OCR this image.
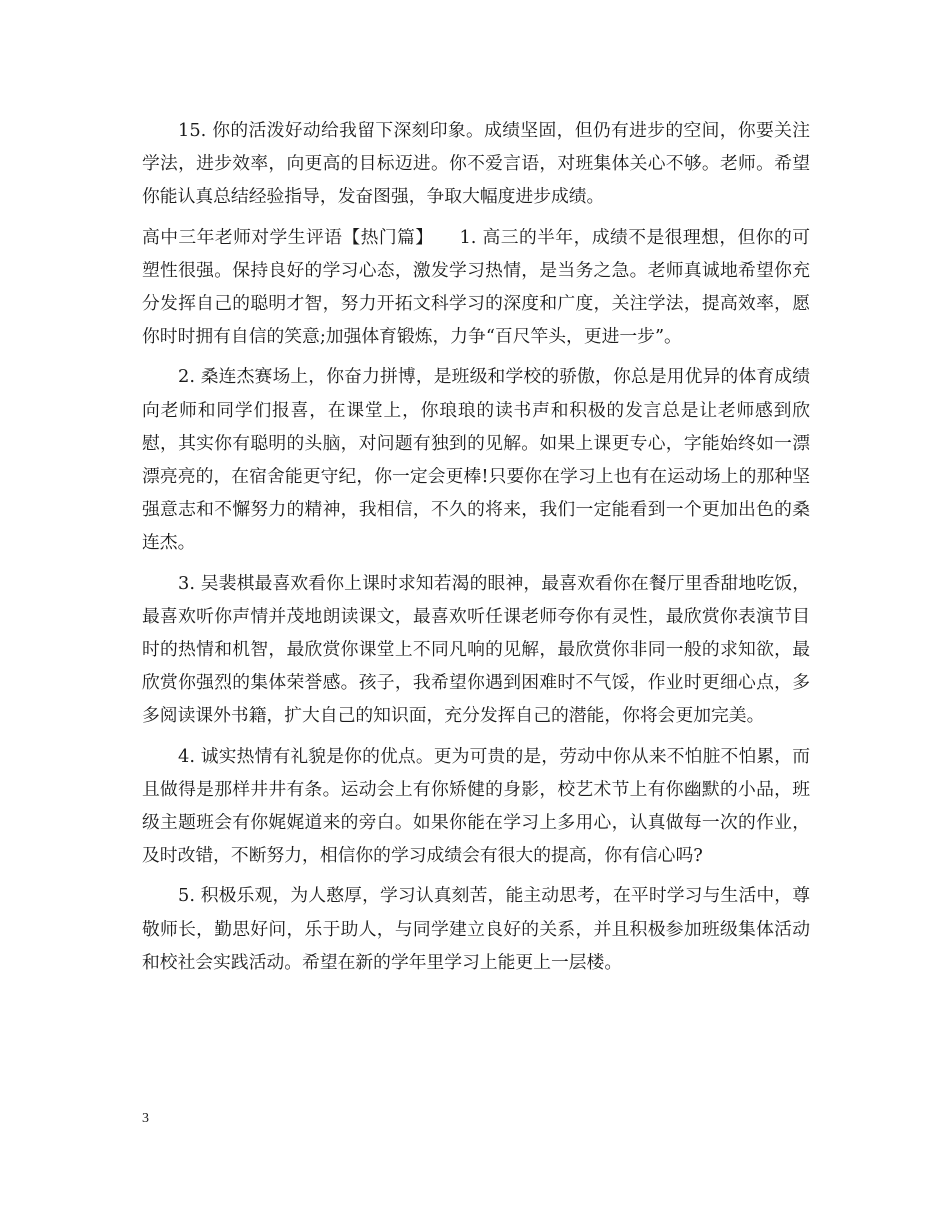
15. 你的活泼好动给我留下深刻印象。成绩坚固，但仍有进步的空间，你要关注学法，进步效率，向更高的目标迈进。你不爱言语，对班集体关心不够。老师。希望你能认真总结经验指导，发奋图强，争取大幅度进步成绩。

高中三年老师对学生评语【热门篇】 1. 高三的半年，成绩不是很理想，但你的可塑性很强。保持良好的学习心态，激发学习热情，是当务之急。老师真诚地希望你充分发挥自己的聪明才智，努力开拓文科学习的深度和广度，关注学法，提高效率，愿你时时拥有自信的笑意;加强体育锻炼，力争“百尺竿头，更进一步”。

2. 桑连杰赛场上，你奋力拼博，是班级和学校的骄傲，你总是用优异的体育成绩向老师和同学们报喜，在课堂上，你琅琅的读书声和积极的发言总是让老师感到欣慰，其实你有聪明的头脑，对问题有独到的见解。如果上课更专心，字能始终如一漂漂亮亮的，在宿舍能更守纪，你一定会更棒!只要你在学习上也有在运动场上的那种坚强意志和不懈努力的精神，我相信，不久的将来，我们一定能看到一个更加出色的桑连杰。

3. 吴裴棋最喜欢看你上课时求知若渴的眼神，最喜欢看你在餐厅里香甜地吃饭，最喜欢听你声情并茂地朗读课文，最喜欢听任课老师夸你有灵性，最欣赏你表演节目时的热情和机智，最欣赏你课堂上不同凡响的见解，最欣赏你非同一般的求知欲，最欣赏你强烈的集体荣誉感。孩子，我希望你遇到困难时不气馁，作业时更细心点，多多阅读课外书籍，扩大自己的知识面，充分发挥自己的潜能，你将会更加完美。

4. 诚实热情有礼貌是你的优点。更为可贵的是，劳动中你从来不怕脏不怕累，而且做得是那样井井有条。运动会上有你矫健的身影，校艺术节上有你幽默的小品，班级主题班会有你娓娓道来的旁白。如果你能在学习上多用心，认真做每一次的作业，及时改错，不断努力，相信你的学习成绩会有很大的提高，你有信心吗?

5. 积极乐观，为人憨厚，学习认真刻苦，能主动思考，在平时学习与生活中，尊敬师长，勤思好问，乐于助人，与同学建立良好的关系，并且积极参加班级集体活动和校社会实践活动。希望在新的学年里学习上能更上一层楼。

3
